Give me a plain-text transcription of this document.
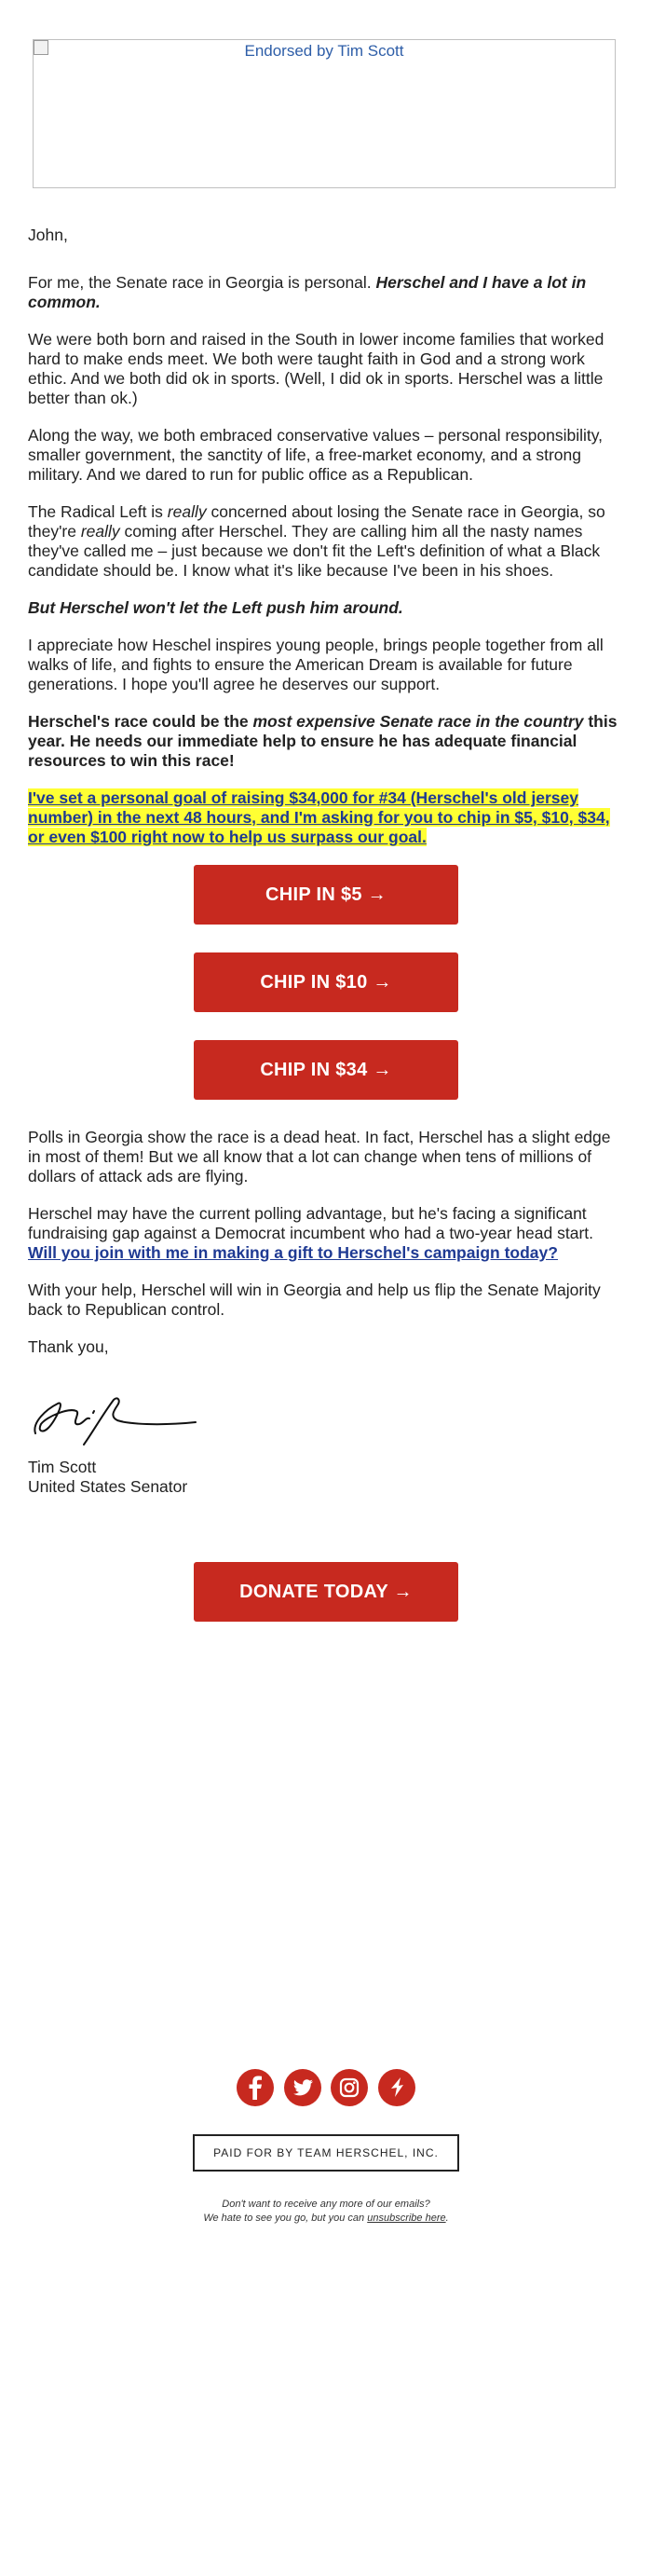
Endorsed by Tim Scott

John,

For me, the Senate race in Georgia is personal. Herschel and I have a lot in common.

We were both born and raised in the South in lower income families that worked hard to make ends meet. We both were taught faith in God and a strong work ethic. And we both did ok in sports. (Well, I did ok in sports. Herschel was a little better than ok.)

Along the way, we both embraced conservative values – personal responsibility, smaller government, the sanctity of life, a free-market economy, and a strong military. And we dared to run for public office as a Republican.

The Radical Left is really concerned about losing the Senate race in Georgia, so they're really coming after Herschel. They are calling him all the nasty names they've called me – just because we don't fit the Left's definition of what a Black candidate should be. I know what it's like because I've been in his shoes.

But Herschel won't let the Left push him around.

I appreciate how Heschel inspires young people, brings people together from all walks of life, and fights to ensure the American Dream is available for future generations. I hope you'll agree he deserves our support.

Herschel's race could be the most expensive Senate race in the country this year. He needs our immediate help to ensure he has adequate financial resources to win this race!

I've set a personal goal of raising $34,000 for #34 (Herschel's old jersey number) in the next 48 hours, and I'm asking for you to chip in $5, $10, $34, or even $100 right now to help us surpass our goal.

CHIP IN $5 →
CHIP IN $10 →
CHIP IN $34 →

Polls in Georgia show the race is a dead heat. In fact, Herschel has a slight edge in most of them! But we all know that a lot can change when tens of millions of dollars of attack ads are flying.

Herschel may have the current polling advantage, but he's facing a significant fundraising gap against a Democrat incumbent who had a two-year head start. Will you join with me in making a gift to Herschel's campaign today?

With your help, Herschel will win in Georgia and help us flip the Senate Majority back to Republican control.

Thank you,

Tim Scott
United States Senator
DONATE TODAY →

PAID FOR BY TEAM HERSCHEL, INC.
Don't want to receive any more of our emails?
We hate to see you go, but you can unsubscribe here.
